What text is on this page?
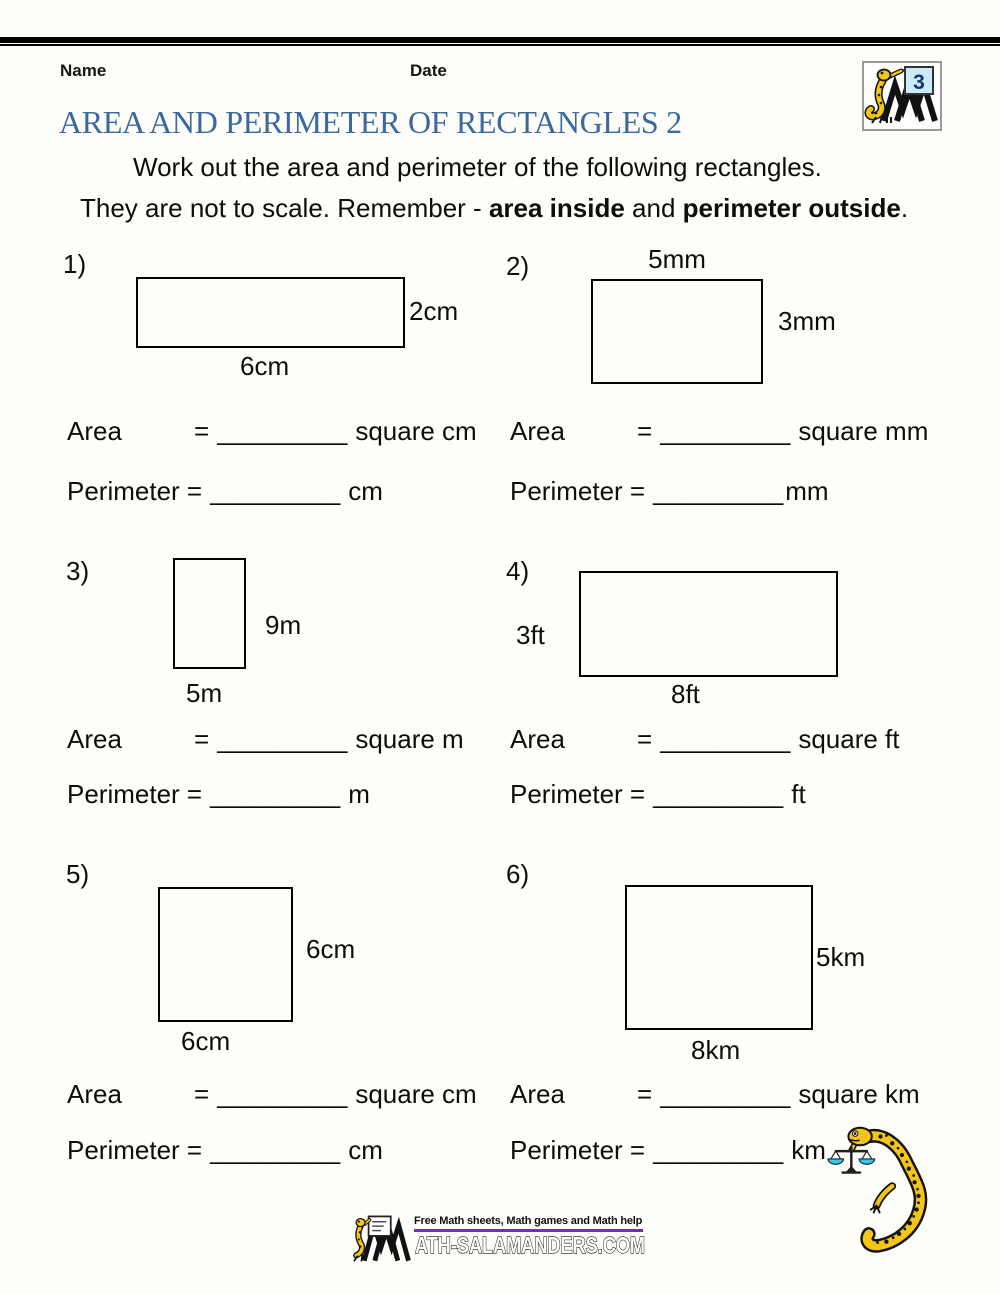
Name	Date
3
AREA AND PERIMETER OF RECTANGLES 2
Work out the area and perimeter of the following rectangles.
They are not to scale. Remember - area inside and perimeter outside.
1)
2cm
6cm
Area	= _________ square cm
Perimeter = _________ cm
2)	5mm
3mm
Area	= _________ square mm
Perimeter = _________ mm
3)
9m
5m
Area	= _________ square m
Perimeter = _________ m
4)
3ft
8ft
Area	= _________ square ft
Perimeter = _________ ft
5)
6cm
6cm
Area	= _________ square cm
Perimeter = _________ cm
6)
5km
8km
Area	= _________ square km
Perimeter = _________ km
Free Math sheets, Math games and Math help
ATH-SALAMANDERS.COM
